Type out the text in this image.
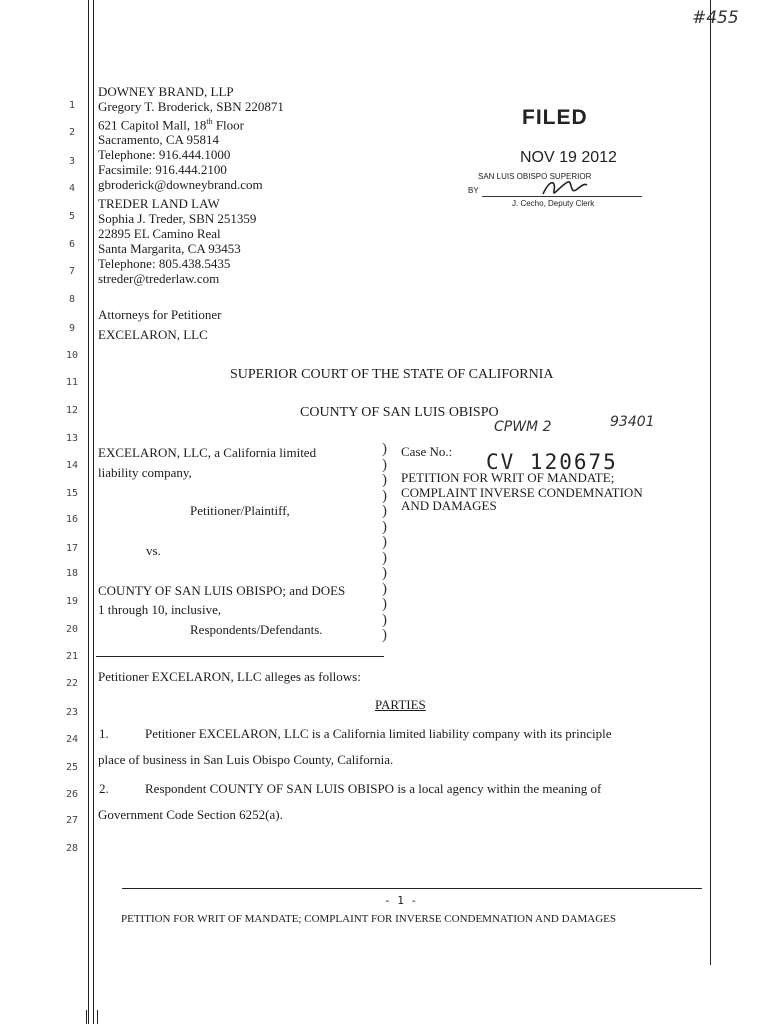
#455
1
2
3
4
5
6
7
8
9
10
11
12
13
14
15
16
17
18
19
20
21
22
23
24
25
26
27
28
DOWNEY BRAND, LLP
Gregory T. Broderick, SBN 220871
621 Capitol Mall, 18th Floor
Sacramento, CA 95814
Telephone: 916.444.1000
Facsimile: 916.444.2100
gbroderick@downeybrand.com
TREDER LAND LAW
Sophia J. Treder, SBN 251359
22895 EL Camino Real
Santa Margarita, CA 93453
Telephone: 805.438.5435
streder@trederlaw.com
Attorneys for Petitioner
EXCELARON, LLC
FILED
NOV 19 2012
SAN LUIS OBISPO SUPERIOR
BY
J. Cecho, Deputy Clerk
SUPERIOR COURT OF THE STATE OF CALIFORNIA
COUNTY OF SAN LUIS OBISPO
EXCELARON, LLC, a California limited
liability company,
Petitioner/Plaintiff,
vs.
COUNTY OF SAN LUIS OBISPO; and DOES
1 through 10, inclusive,
Respondents/Defendants.
)
)
)
)
)
)
)
)
)
)
)
)
)
Case No.:
CPWM 2	93401
CV 120675
PETITION FOR WRIT OF MANDATE;
COMPLAINT INVERSE CONDEMNATION
AND DAMAGES
Petitioner EXCELARON, LLC alleges as follows:
PARTIES
1.	Petitioner EXCELARON, LLC is a California limited liability company with its principle
place of business in San Luis Obispo County, California.
2.	Respondent COUNTY OF SAN LUIS OBISPO is a local agency within the meaning of
Government Code Section 6252(a).
- 1 -
PETITION FOR WRIT OF MANDATE; COMPLAINT FOR INVERSE CONDEMNATION AND DAMAGES
